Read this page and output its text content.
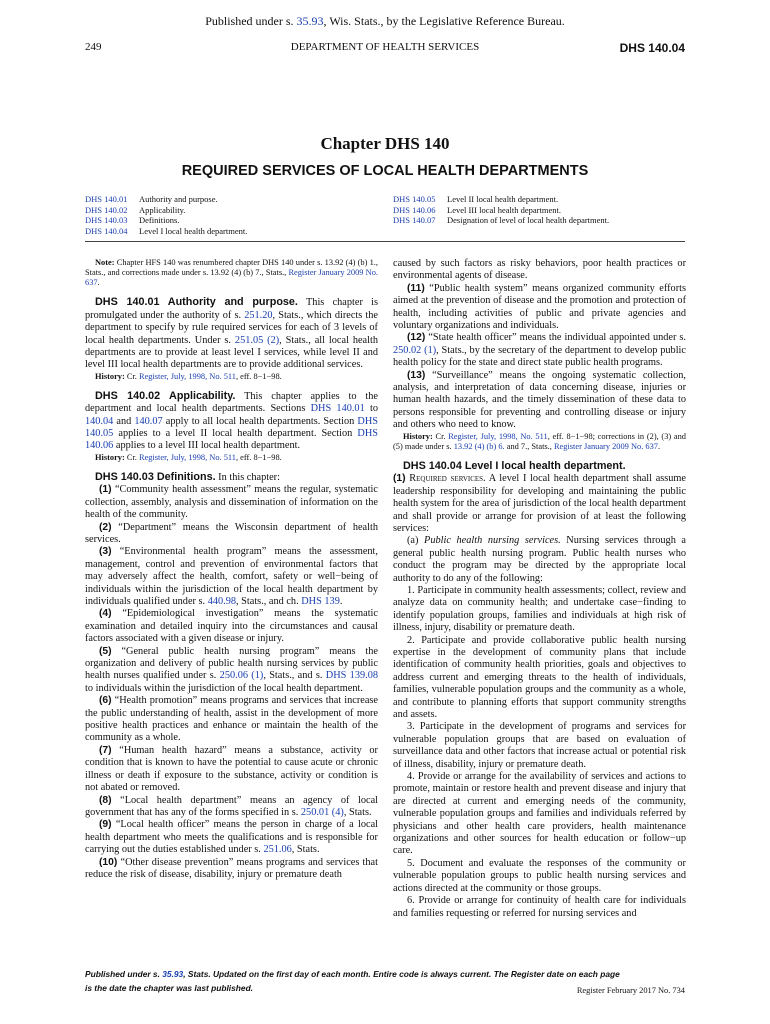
Published under s. 35.93, Wis. Stats., by the Legislative Reference Bureau.
249	DEPARTMENT OF HEALTH SERVICES	DHS 140.04
Chapter DHS 140
REQUIRED SERVICES OF LOCAL HEALTH DEPARTMENTS
DHS 140.01 Authority and purpose.
DHS 140.02 Applicability.
DHS 140.03 Definitions.
DHS 140.04 Level I local health department.
DHS 140.05 Level II local health department.
DHS 140.06 Level III local health department.
DHS 140.07 Designation of level of local health department.

Note: Chapter HFS 140 was renumbered chapter DHS 140 under s. 13.92 (4) (b) 1., Stats., and corrections made under s. 13.92 (4) (b) 7., Stats., Register January 2009 No. 637.

DHS 140.01 Authority and purpose. This chapter is promulgated under the authority of s. 251.20, Stats., which directs the department to specify by rule required services for each of 3 levels of local health departments. Under s. 251.05 (2), Stats., all local health departments are to provide at least level I services, while level II and level III local health departments are to provide additional services.

History: Cr. Register, July, 1998, No. 511, eff. 8−1−98.

DHS 140.02 Applicability. This chapter applies to the department and local health departments. Sections DHS 140.01 to 140.04 and 140.07 apply to all local health departments. Section DHS 140.05 applies to a level II local health department. Section DHS 140.06 applies to a level III local health department.

History: Cr. Register, July, 1998, No. 511, eff. 8−1−98.

DHS 140.03 Definitions. In this chapter:

(1) “Community health assessment” means the regular, systematic collection, assembly, analysis and dissemination of information on the health of the community.

(2) “Department” means the Wisconsin department of health services.

(3) “Environmental health program” means the assessment, management, control and prevention of environmental factors that may adversely affect the health, comfort, safety or well−being of individuals within the jurisdiction of the local health department by individuals qualified under s. 440.98, Stats., and ch. DHS 139.

(4) “Epidemiological investigation” means the systematic examination and detailed inquiry into the circumstances and causal factors associated with a given disease or injury.

(5) “General public health nursing program” means the organization and delivery of public health nursing services by public health nurses qualified under s. 250.06 (1), Stats., and s. DHS 139.08 to individuals within the jurisdiction of the local health department.

(6) “Health promotion” means programs and services that increase the public understanding of health, assist in the development of more positive health practices and enhance or maintain the health of the community as a whole.

(7) “Human health hazard” means a substance, activity or condition that is known to have the potential to cause acute or chronic illness or death if exposure to the substance, activity or condition is not abated or removed.

(8) “Local health department” means an agency of local government that has any of the forms specified in s. 250.01 (4), Stats.

(9) “Local health officer” means the person in charge of a local health department who meets the qualifications and is responsible for carrying out the duties established under s. 251.06, Stats.

(10) “Other disease prevention” means programs and services that reduce the risk of disease, disability, injury or premature death

caused by such factors as risky behaviors, poor health practices or environmental agents of disease.

(11) “Public health system” means organized community efforts aimed at the prevention of disease and the promotion and protection of health, including activities of public and private agencies and voluntary organizations and individuals.

(12) “State health officer” means the individual appointed under s. 250.02 (1), Stats., by the secretary of the department to develop public health policy for the state and direct state public health programs.

(13) “Surveillance” means the ongoing systematic collection, analysis, and interpretation of data concerning disease, injuries or human health hazards, and the timely dissemination of these data to persons responsible for preventing and controlling disease or injury and others who need to know.

History: Cr. Register, July, 1998, No. 511, eff. 8−1−98; corrections in (2), (3) and (5) made under s. 13.92 (4) (b) 6. and 7., Stats., Register January 2009 No. 637.

DHS 140.04 Level I local health department.

(1) Required services. A level I local health department shall assume leadership responsibility for developing and maintaining the public health system for the area of jurisdiction of the local health department and shall provide or arrange for provision of at least the following services:

(a) Public health nursing services. Nursing services through a general public health nursing program. Public health nurses who conduct the program may be directed by the appropriate local authority to do any of the following:

1. Participate in community health assessments; collect, review and analyze data on community health; and undertake case−finding to identify population groups, families and individuals at high risk of illness, injury, disability or premature death.

2. Participate and provide collaborative public health nursing expertise in the development of community plans that include identification of community health priorities, goals and objectives to address current and emerging threats to the health of individuals, families, vulnerable population groups and the community as a whole, and contribute to planning efforts that support community strengths and assets.

3. Participate in the development of programs and services for vulnerable population groups that are based on evaluation of surveillance data and other factors that increase actual or potential risk of illness, disability, injury or premature death.

4. Provide or arrange for the availability of services and actions to promote, maintain or restore health and prevent disease and injury that are directed at current and emerging needs of the community, vulnerable population groups and families and individuals referred by physicians and other health care providers, health maintenance organizations and other sources for health education or follow−up care.

5. Document and evaluate the responses of the community or vulnerable population groups to public health nursing services and actions directed at the community or those groups.

6. Provide or arrange for continuity of health care for individuals and families requesting or referred for nursing services and

Published under s. 35.93, Stats. Updated on the first day of each month. Entire code is always current. The Register date on each page
is the date the chapter was last published.	Register February 2017 No. 734
